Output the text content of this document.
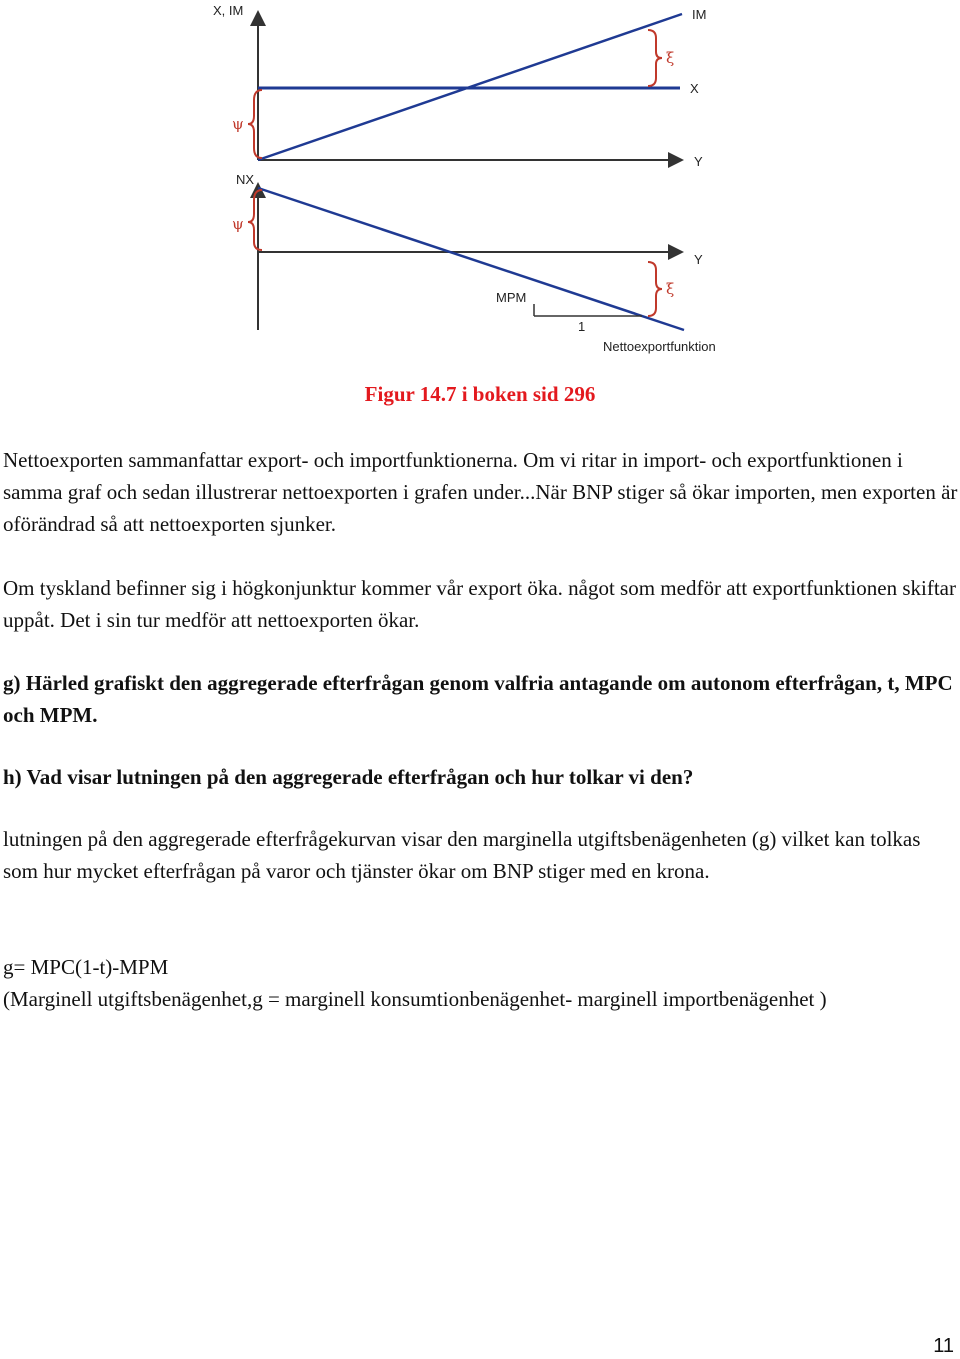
X, IM
Y
X
IM
ψ
ξ
NX
Y
ψ
ξ
MPM
1
Nettoexportfunktion
Figur 14.7 i boken sid 296

Nettoexporten sammanfattar export- och importfunktionerna. Om vi ritar in import- och exportfunktionen i samma graf och sedan illustrerar nettoexporten i grafen under...När BNP stiger så ökar importen, men exporten är oförändrad så att nettoexporten sjunker.

Om tyskland befinner sig i högkonjunktur kommer vår export öka. något som medför att exportfunktionen skiftar uppåt. Det i sin tur medför att nettoexporten ökar.

g) Härled grafiskt den aggregerade efterfrågan genom valfria antagande om autonom efterfrågan, t, MPC och MPM.

h) Vad visar lutningen på den aggregerade efterfrågan och hur tolkar vi den?

lutningen på den aggregerade efterfrågekurvan visar den marginella utgiftsbenägenheten (g) vilket kan tolkas som hur mycket efterfrågan på varor och tjänster ökar om BNP stiger med en krona.

g= MPC(1-t)-MPM

(Marginell utgiftsbenägenhet,g = marginell konsumtionbenägenhet- marginell importbenägenhet )

11
